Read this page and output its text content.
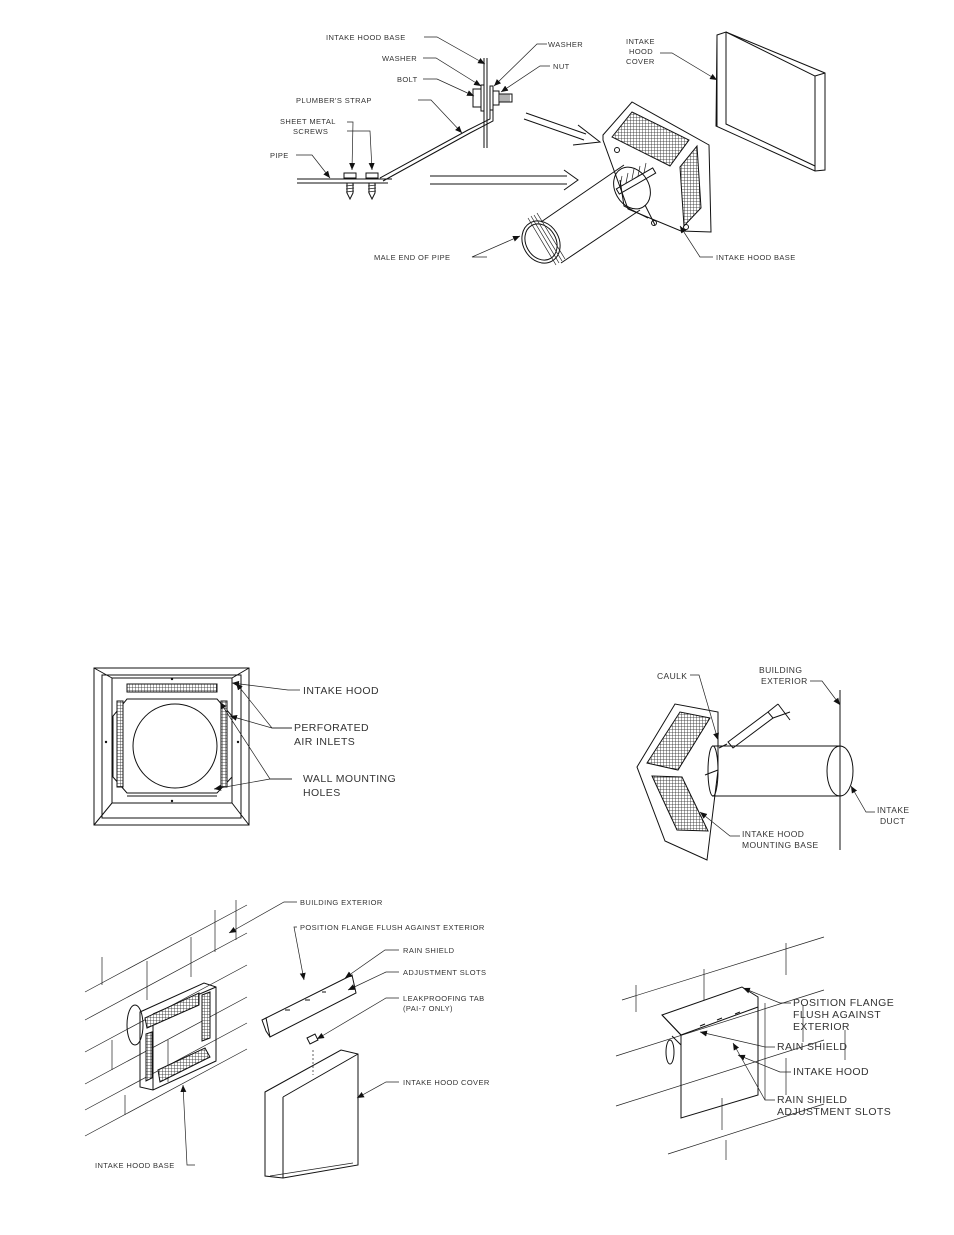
INTAKE HOOD BASE
WASHER
WASHER
NUT
BOLT
PLUMBER'S STRAP
SHEET METAL
SCREWS
PIPE
INTAKE
HOOD
COVER
MALE END OF PIPE	INTAKE HOOD BASE
INTAKE HOOD
PERFORATED
AIR INLETS
WALL MOUNTING
HOLES
CAULK
BUILDING
EXTERIOR
INTAKE
DUCT
INTAKE HOOD
MOUNTING BASE
BUILDING EXTERIOR
POSITION FLANGE FLUSH AGAINST EXTERIOR
RAIN SHIELD
ADJUSTMENT SLOTS
LEAKPROOFING TAB
(PAI-7 ONLY)
INTAKE HOOD COVER
INTAKE HOOD BASE
POSITION FLANGE
FLUSH AGAINST
EXTERIOR
RAIN SHIELD
INTAKE HOOD
RAIN SHIELD
ADJUSTMENT SLOTS
